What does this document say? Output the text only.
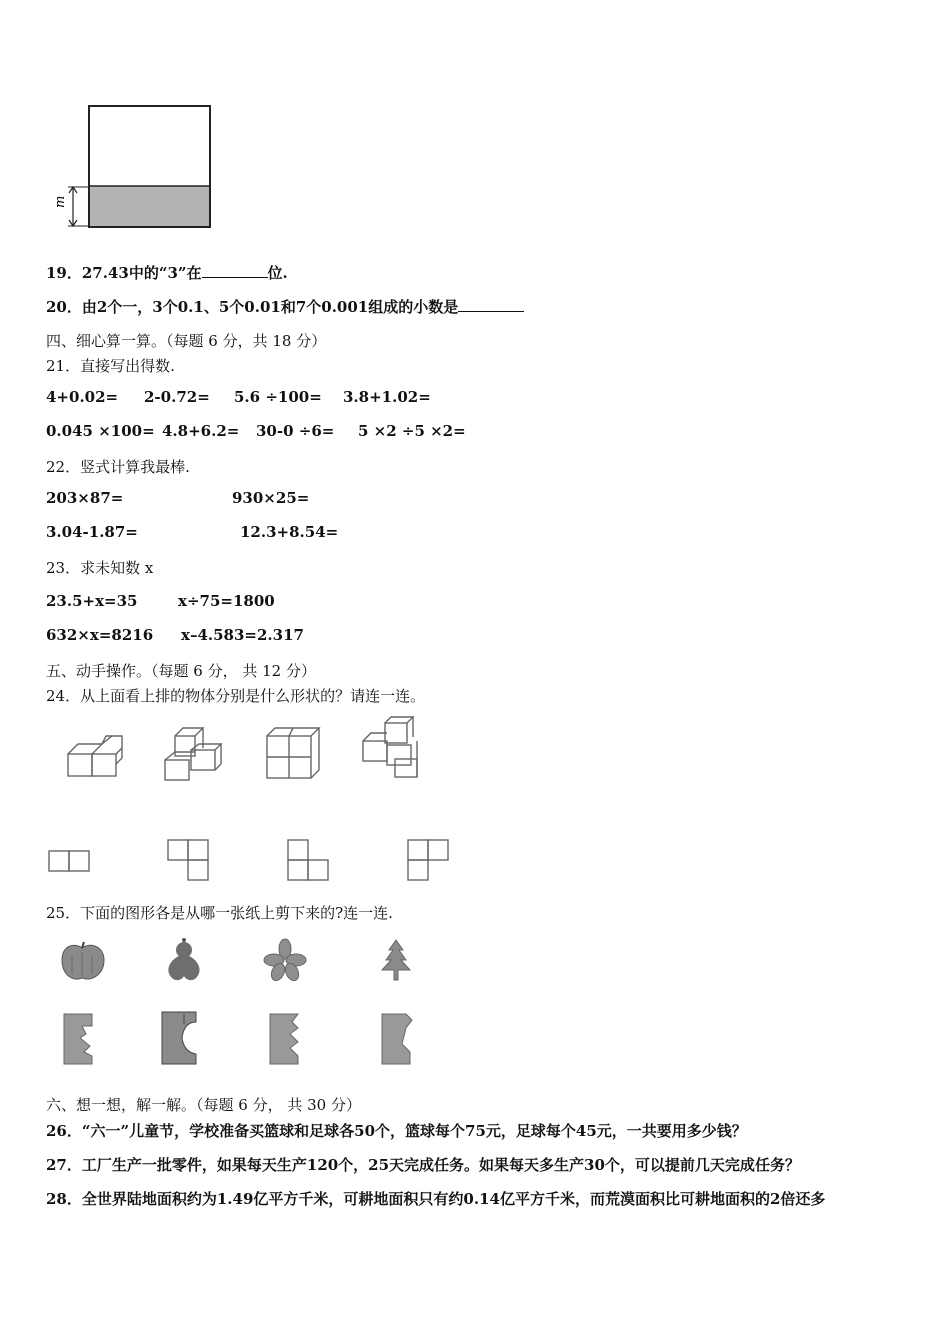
m
19．27.43中的“3”在	位.
20．由2个一，3个0.1、5个0.01和7个0.001组成的小数是
四、细心算一算。（每题 6 分，共 18 分）
21．直接写出得数.
4+0.02= 2-0.72= 5.6 ÷100= 3.8+1.02=
0.045 ×100= 4.8+6.2= 30-0 ÷6= 5 ×2 ÷5 ×2=
22．竖式计算我最棒.
203×87=	930×25=
3.04-1.87=	12.3+8.54=
23．求未知数 x
23.5+x=35	x÷75=1800
632×x=8216 x–4.583=2.317
五、动手操作。（每题 6 分， 共 12 分）
24．从上面看上排的物体分别是什么形状的？请连一连。
25．下面的图形各是从哪一张纸上剪下来的?连一连.
六、想一想，解一解。（每题 6 分， 共 30 分）
26．“六一”儿童节，学校准备买篮球和足球各50个，篮球每个75元，足球每个45元，一共要用多少钱？
27．工厂生产一批零件，如果每天生产120个，25天完成任务。如果每天多生产30个，可以提前几天完成任务？
28．全世界陆地面积约为1.49亿平方千米，可耕地面积只有约0.14亿平方千米，而荒漠面积比可耕地面积的2倍还多
